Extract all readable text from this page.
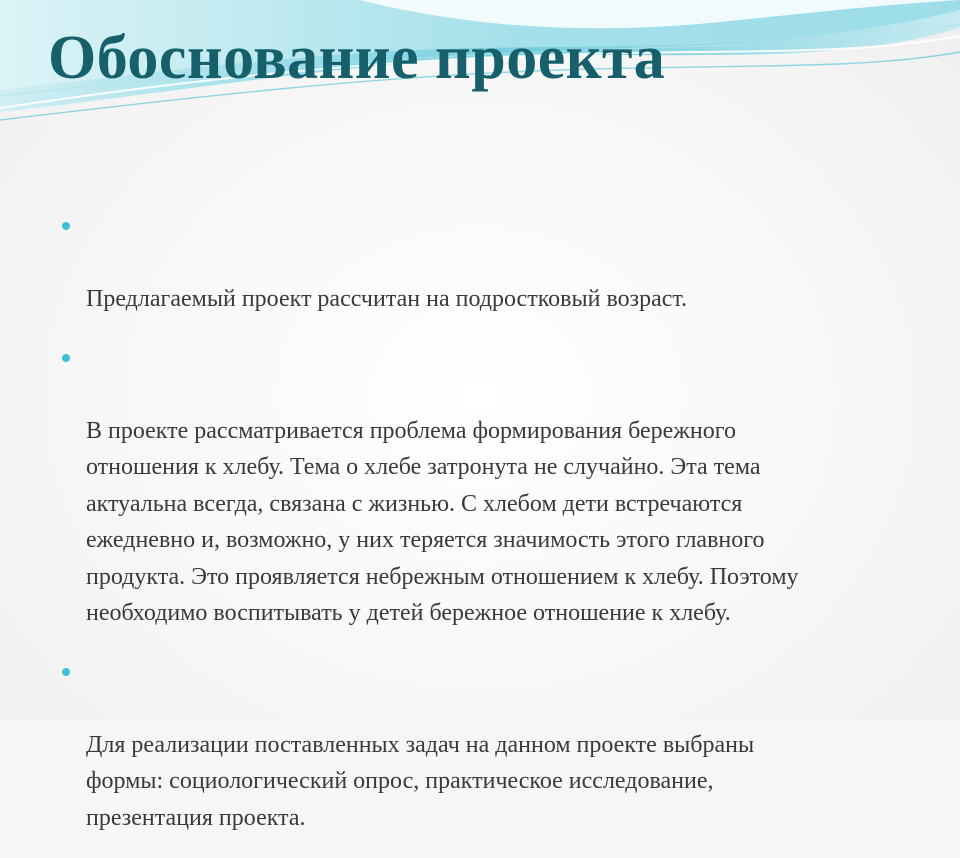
Обоснование проекта

Предлагаемый проект рассчитан на подростковый возраст.

В проекте рассматривается проблема формирования бережного
отношения к хлебу. Тема о хлебе затронута не случайно. Эта тема
актуальна всегда, связана с жизнью. С хлебом дети встречаются
ежедневно и, возможно, у них теряется значимость этого главного
продукта. Это проявляется небрежным отношением к хлебу. Поэтому
необходимо воспитывать у детей бережное отношение к хлебу.

Для реализации поставленных задач на данном проекте выбраны
формы: социологический опрос, практическое исследование,
презентация проекта.
